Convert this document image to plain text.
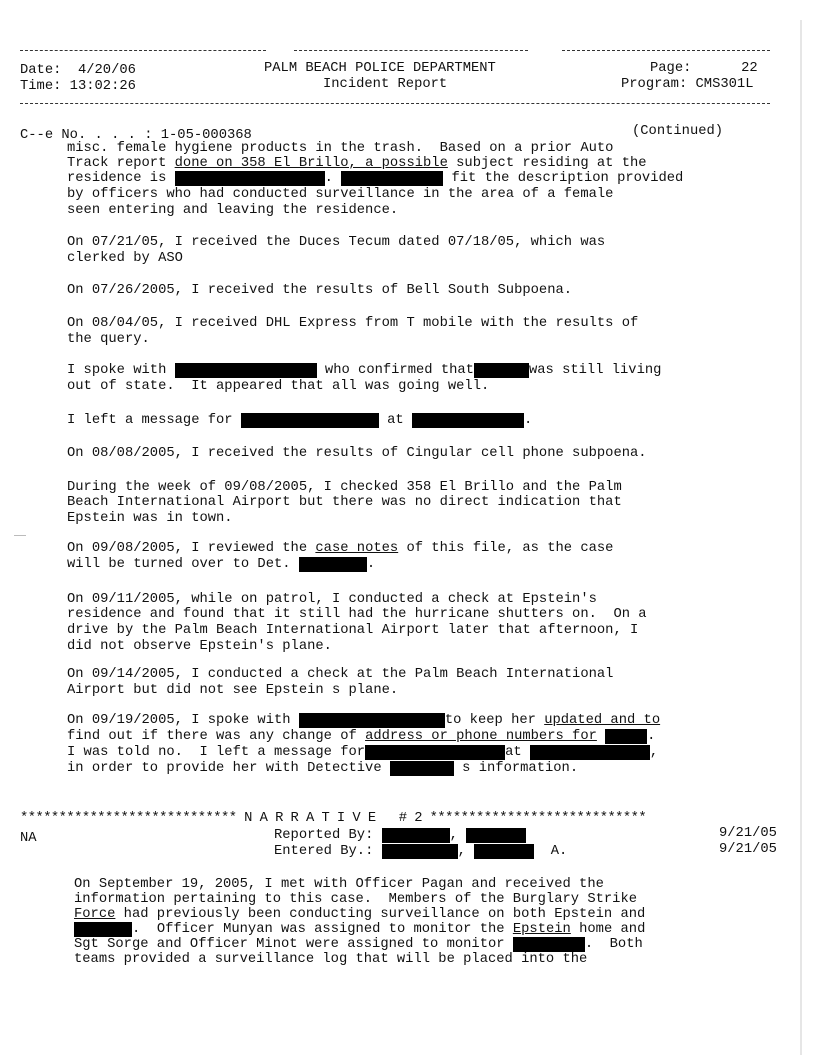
Date:  4/20/06
Time: 13:02:26
PALM BEACH POLICE DEPARTMENT
Incident Report
Page:      22
Program: CMS301L
C‐‐e No. . . . : 1-05-000368	(Continued)
misc. female hygiene products in the trash.  Based on a prior Auto
Track report done on 358 El Brillo, a possible subject residing at the
residence is	.	fit the description provided
by officers who had conducted surveillance in the area of a female
seen entering and leaving the residence.
On 07/21/05, I received the Duces Tecum dated 07/18/05, which was
clerked by ASO
On 07/26/2005, I received the results of Bell South Subpoena.
On 08/04/05, I received DHL Express from T mobile with the results of
the query.
I spoke with	who confirmed that	was still living
out of state.  It appeared that all was going well.
I left a message for	at	.
On 08/08/2005, I received the results of Cingular cell phone subpoena.
During the week of 09/08/2005, I checked 358 El Brillo and the Palm
Beach International Airport but there was no direct indication that
Epstein was in town.
On 09/08/2005, I reviewed the case notes of this file, as the case
will be turned over to Det.	.
On 09/11/2005, while on patrol, I conducted a check at Epstein's
residence and found that it still had the hurricane shutters on.  On a
drive by the Palm Beach International Airport later that afternoon, I
did not observe Epstein's plane.
On 09/14/2005, I conducted a check at the Palm Beach International
Airport but did not see Epstein s plane.
On 09/19/2005, I spoke with	to keep her updated and to
find out if there was any change of address or phone numbers for	.
I was told no.  I left a message for	at	,
in order to provide her with Detective	s information.
**************************** N A R R A T I V E   # 2 ****************************
NA	Reported By:	,
Entered By.:	,	A.
9/21/05
9/21/05
On September 19, 2005, I met with Officer Pagan and received the
information pertaining to this case.  Members of the Burglary Strike
Force had previously been conducting surveillance on both Epstein and
.  Officer Munyan was assigned to monitor the Epstein home and
Sgt Sorge and Officer Minot were assigned to monitor	.  Both
teams provided a surveillance log that will be placed into the
